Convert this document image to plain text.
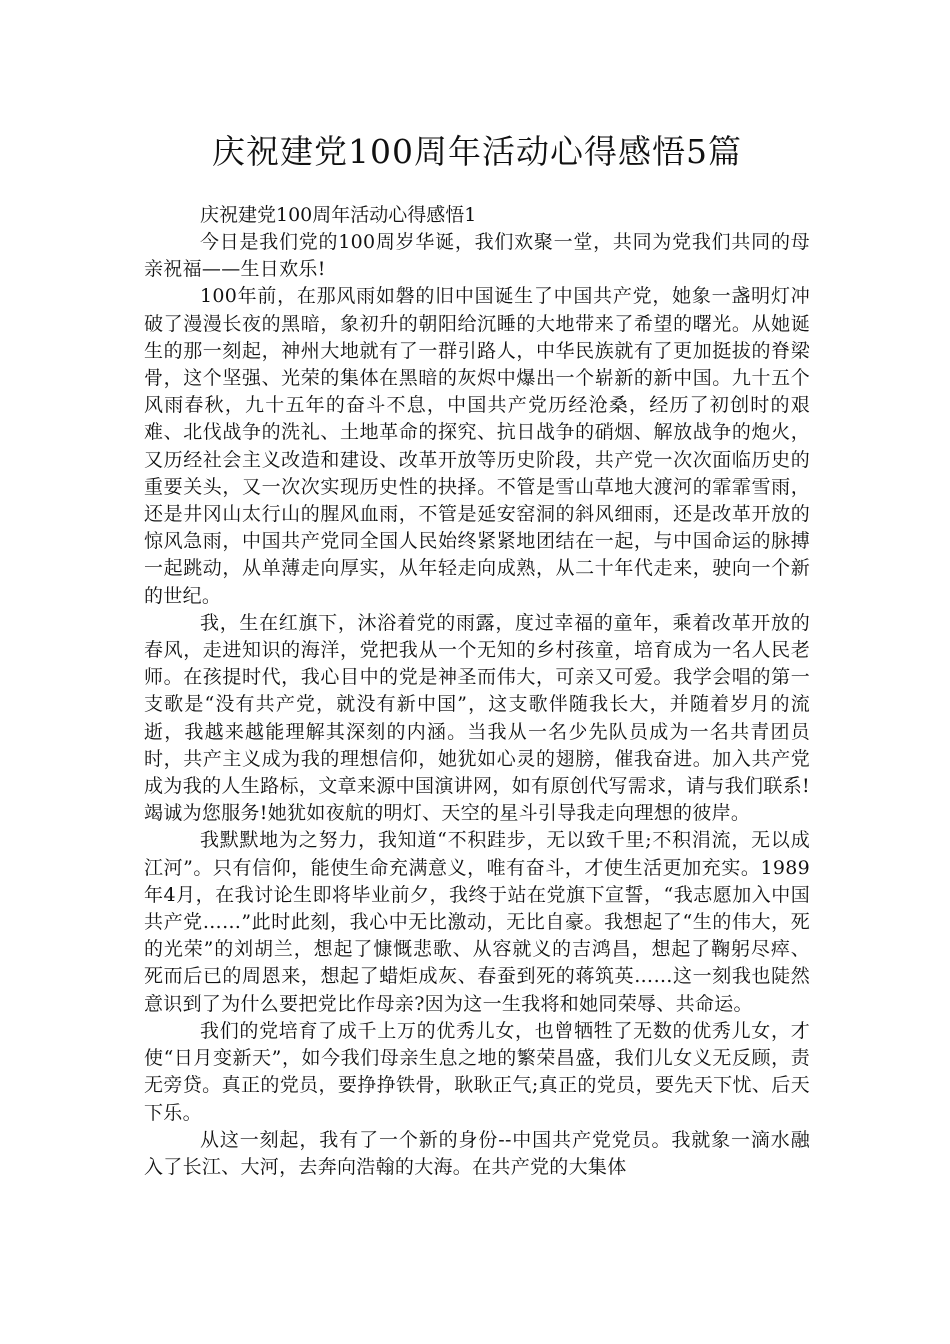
庆祝建党100周年活动心得感悟5篇

庆祝建党100周年活动心得感悟1

今日是我们党的100周岁华诞，我们欢聚一堂，共同为党我们共同的母亲祝福——生日欢乐!

100年前，在那风雨如磐的旧中国诞生了中国共产党，她象一盏明灯冲破了漫漫长夜的黑暗，象初升的朝阳给沉睡的大地带来了希望的曙光。从她诞生的那一刻起，神州大地就有了一群引路人，中华民族就有了更加挺拔的脊梁骨，这个坚强、光荣的集体在黑暗的灰烬中爆出一个崭新的新中国。九十五个风雨春秋，九十五年的奋斗不息，中国共产党历经沧桑，经历了初创时的艰难、北伐战争的洗礼、土地革命的探究、抗日战争的硝烟、解放战争的炮火，又历经社会主义改造和建设、改革开放等历史阶段，共产党一次次面临历史的重要关头，又一次次实现历史性的抉择。不管是雪山草地大渡河的霏霏雪雨，还是井冈山太行山的腥风血雨，不管是延安窑洞的斜风细雨，还是改革开放的惊风急雨，中国共产党同全国人民始终紧紧地团结在一起，与中国命运的脉搏一起跳动，从单薄走向厚实，从年轻走向成熟，从二十年代走来，驶向一个新的世纪。

我，生在红旗下，沐浴着党的雨露，度过幸福的童年，乘着改革开放的春风，走进知识的海洋，党把我从一个无知的乡村孩童，培育成为一名人民老师。在孩提时代，我心目中的党是神圣而伟大，可亲又可爱。我学会唱的第一支歌是“没有共产党，就没有新中国”，这支歌伴随我长大，并随着岁月的流逝，我越来越能理解其深刻的内涵。当我从一名少先队员成为一名共青团员时，共产主义成为我的理想信仰，她犹如心灵的翅膀，催我奋进。加入共产党成为我的人生路标，文章来源中国演讲网，如有原创代写需求，请与我们联系!竭诚为您服务!她犹如夜航的明灯、天空的星斗引导我走向理想的彼岸。

我默默地为之努力，我知道“不积跬步，无以致千里;不积涓流，无以成江河”。只有信仰，能使生命充满意义，唯有奋斗，才使生活更加充实。1989年4月，在我讨论生即将毕业前夕，我终于站在党旗下宣誓，“我志愿加入中国共产党……”此时此刻，我心中无比激动，无比自豪。我想起了“生的伟大，死的光荣”的刘胡兰，想起了慷慨悲歌、从容就义的吉鸿昌，想起了鞠躬尽瘁、死而后已的周恩来，想起了蜡炬成灰、春蚕到死的蒋筑英……这一刻我也陡然意识到了为什么要把党比作母亲?因为这一生我将和她同荣辱、共命运。

我们的党培育了成千上万的优秀儿女，也曾牺牲了无数的优秀儿女，才使“日月变新天”，如今我们母亲生息之地的繁荣昌盛，我们儿女义无反顾，责无旁贷。真正的党员，要挣挣铁骨，耿耿正气;真正的党员，要先天下忧、后天下乐。

从这一刻起，我有了一个新的身份--中国共产党党员。我就象一滴水融入了长江、大河，去奔向浩翰的大海。在共产党的大集体
